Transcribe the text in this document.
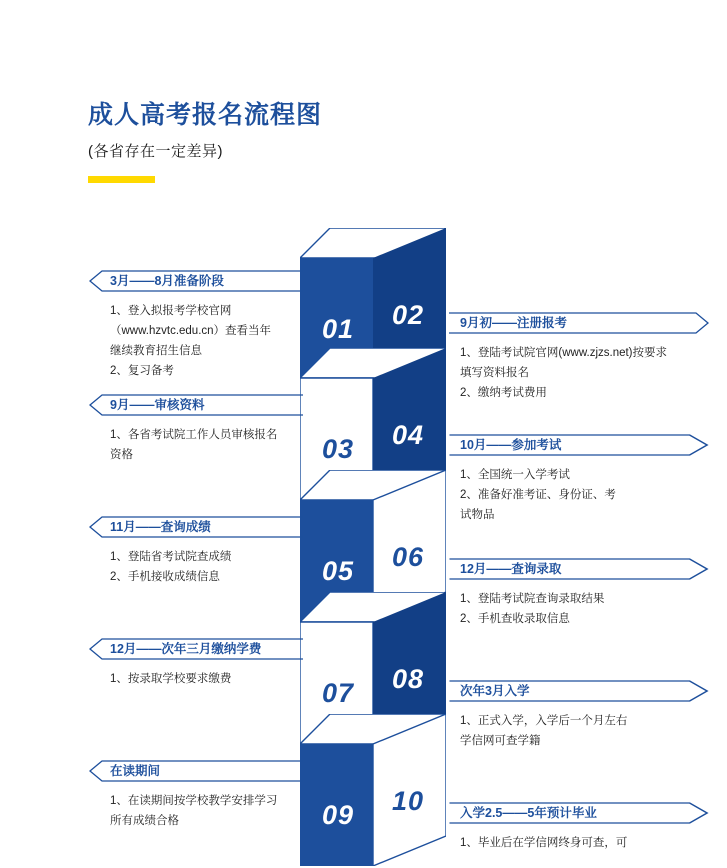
成人高考报名流程图
(各省存在一定差异)
01 02
03 04
05 06
07 08
09 10
3月——8月准备阶段
1、登入拟报考学校官网
（www.hzvtc.edu.cn）查看当年
继续教育招生信息
2、复习备考
9月初——注册报考
1、登陆考试院官网(www.zjzs.net)按要求
填写资料报名
2、缴纳考试费用
9月——审核资料
1、各省考试院工作人员审核报名
资格
10月——参加考试
1、全国统一入学考试
2、准备好准考证、身份证、考
试物品
11月——查询成绩
1、登陆省考试院查成绩
2、手机接收成绩信息
12月——查询录取
1、登陆考试院查询录取结果
2、手机查收录取信息
12月——次年三月缴纳学费
1、按录取学校要求缴费
次年3月入学
1、正式入学，入学后一个月左右
学信网可查学籍
在读期间
1、在读期间按学校教学安排学习
所有成绩合格
入学2.5——5年预计毕业
1、毕业后在学信网终身可查，可
